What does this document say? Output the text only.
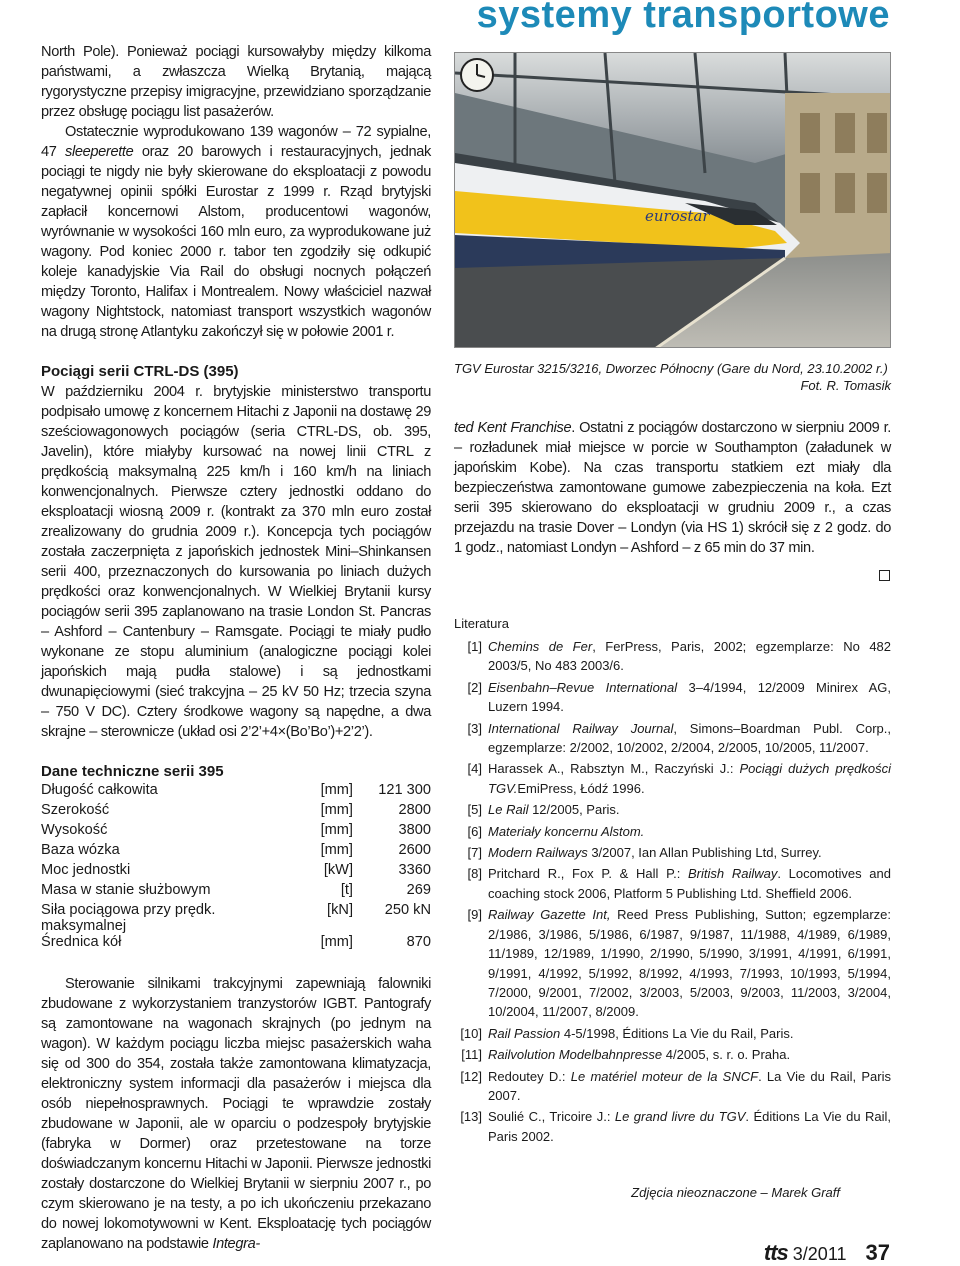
systemy transportowe

North Pole). Ponieważ pociągi kursowałyby między kilkoma państwami, a zwłaszcza Wielką Brytanią, mającą rygorystyczne przepisy imigracyjne, przewidziano sporządzanie przez obsługę pociągu list pasażerów.

Ostatecznie wyprodukowano 139 wagonów – 72 sypialne, 47 sleeperette oraz 20 barowych i restauracyjnych, jednak pociągi te nigdy nie były skierowane do eksploatacji z powodu negatywnej opinii spółki Eurostar z 1999 r. Rząd brytyjski zapłacił koncernowi Alstom, producentowi wagonów, wyrównanie w wysokości 160 mln euro, za wyprodukowane już wagony. Pod koniec 2000 r. tabor ten zgodziły się odkupić koleje kanadyjskie Via Rail do obsługi nocnych połączeń między Toronto, Halifax i Montrealem. Nowy właściciel nazwał wagony Nightstock, natomiast transport wszystkich wagonów na drugą stronę Atlantyku zakończył się w połowie 2001 r.

Pociągi serii CTRL-DS (395)

W październiku 2004 r. brytyjskie ministerstwo transportu podpisało umowę z koncernem Hitachi z Japonii na dostawę 29 sześciowagonowych pociągów (seria CTRL-DS, ob. 395, Javelin), które miałyby kursować na nowej linii CTRL z prędkością maksymalną 225 km/h i 160 km/h na liniach konwencjonalnych. Pierwsze cztery jednostki oddano do eksploatacji wiosną 2009 r. (kontrakt za 370 mln euro został zrealizowany do grudnia 2009 r.). Koncepcja tych pociągów została zaczerpnięta z japońskich jednostek Mini–Shinkansen serii 400, przeznaczonych do kursowania po liniach dużych prędkości oraz konwencjonalnych. W Wielkiej Brytanii kursy pociągów serii 395 zaplanowano na trasie London St. Pancras – Ashford – Cantenbury – Ramsgate. Pociągi te miały pudło wykonane ze stopu aluminium (analogiczne pociągi kolei japońskich mają pudła stalowe) i są jednostkami dwunapięciowymi (sieć trakcyjna – 25 kV 50 Hz; trzecia szyna – 750 V DC). Cztery środkowe wagony są napędne, a dwa skrajne – sterownicze (układ osi 2’2’+4×(Bo’Bo’)+2’2’).

Dane techniczne serii 395

Długość całkowita	[mm]	121 300
Szerokość	[mm]	2800
Wysokość	[mm]	3800
Baza wózka	[mm]	2600
Moc jednostki	[kW]	3360
Masa w stanie służbowym	[t]	269
Siła pociągowa przy prędk. maksymalnej	[kN]	250 kN
Średnica kół	[mm]	870

Sterowanie silnikami trakcyjnymi zapewniają falowniki zbudowane z wykorzystaniem tranzystorów IGBT. Pantografy są zamontowane na wagonach skrajnych (po jednym na wagon). W każdym pociągu liczba miejsc pasażerskich waha się od 300 do 354, została także zamontowana klimatyzacja, elektroniczny system informacji dla pasażerów i miejsca dla osób niepełnosprawnych. Pociągi te wprawdzie zostały zbudowane w Japonii, ale w oparciu o podzespoły brytyjskie (fabryka w Dormer) oraz przetestowane na torze doświadczanym koncernu Hitachi w Japonii. Pierwsze jednostki zostały dostarczone do Wielkiej Brytanii w sierpniu 2007 r., po czym skierowano je na testy, a po ich ukończeniu przekazano do nowej lokomotywowni w Kent. Eksploatację tych pociągów zaplanowano na podstawie Integra-

eurostar

TGV Eurostar 3215/3216, Dworzec Północny (Gare du Nord, 23.10.2002 r.)

Fot. R. Tomasik

ted Kent Franchise. Ostatni z pociągów dostarczono w sierpniu 2009 r. – rozładunek miał miejsce w porcie w Southampton (załadunek w japońskim Kobe). Na czas transportu statkiem ezt miały dla bezpieczeństwa zamontowane gumowe zabezpieczenia na koła. Ezt serii 395 skierowano do eksploatacji w grudniu 2009 r., a czas przejazdu na trasie Dover – Londyn (via HS 1) skrócił się z 2 godz. do 1 godz., natomiast Londyn – Ashford – z 65 min do 37 min.

Literatura

[1] Chemins de Fer, FerPress, Paris, 2002; egzemplarze: No 482 2003/5, No 483 2003/6.
[2] Eisenbahn–Revue International 3–4/1994, 12/2009 Minirex AG, Luzern 1994.
[3] International Railway Journal, Simons–Boardman Publ. Corp., egzemplarze: 2/2002, 10/2002, 2/2004, 2/2005, 10/2005, 11/2007.
[4] Harassek A., Rabsztyn M., Raczyński J.: Pociągi dużych prędkości TGV.EmiPress, Łódź 1996.
[5] Le Rail 12/2005, Paris.
[6] Materiały koncernu Alstom.
[7] Modern Railways 3/2007, Ian Allan Publishing Ltd, Surrey.
[8] Pritchard R., Fox P. & Hall P.: British Railway. Locomotives and coaching stock 2006, Platform 5 Publishing Ltd. Sheffield 2006.
[9] Railway Gazette Int, Reed Press Publishing, Sutton; egzemplarze: 2/1986, 3/1986, 5/1986, 6/1987, 9/1987, 11/1988, 4/1989, 6/1989, 11/1989, 12/1989, 1/1990, 2/1990, 5/1990, 3/1991, 4/1991, 6/1991, 9/1991, 4/1992, 5/1992, 8/1992, 4/1993, 7/1993, 10/1993, 5/1994, 7/2000, 9/2001, 7/2002, 3/2003, 5/2003, 9/2003, 11/2003, 3/2004, 10/2004, 11/2007, 8/2009.
[10] Rail Passion 4-5/1998, Éditions La Vie du Rail, Paris.
[11] Railvolution Modelbahnpresse 4/2005, s. r. o. Praha.
[12] Redoutey D.: Le matériel moteur de la SNCF. La Vie du Rail, Paris 2007.
[13] Soulié C., Tricoire J.: Le grand livre du TGV. Éditions La Vie du Rail, Paris 2002.
Zdjęcia nieoznaczone – Marek Graff
tts 3/2011 37
